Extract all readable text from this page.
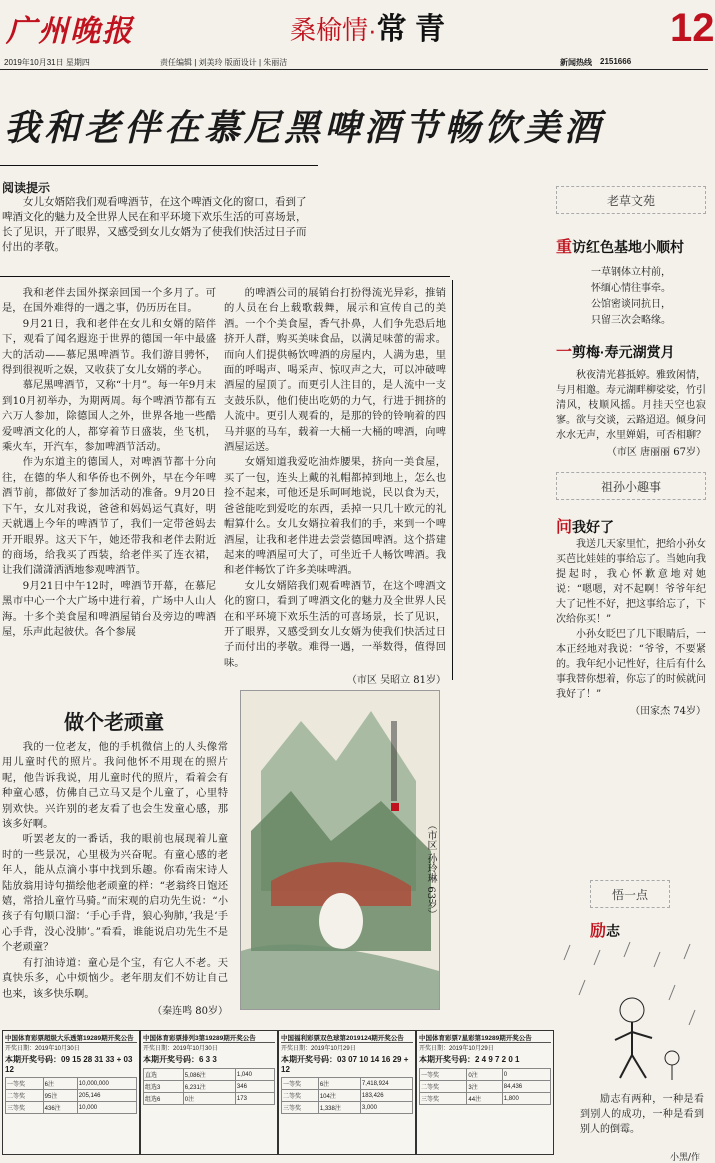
广州晚报	桑榆情·常 青	12
2019年10月31日 星期四	责任编辑 | 刘美玲 版面设计 | 朱丽洁	新闻热线 2151666
我和老伴在慕尼黑啤酒节畅饮美酒
阅读提示
女儿女婿陪我们观看啤酒节，在这个啤酒文化的窗口，看到了啤酒文化的魅力及全世界人民在和平环境下欢乐生活的可喜场景，长了见识，开了眼界，又感受到女儿女婿为了使我们快活过日子而付出的孝敬。

我和老伴去国外探亲回国一个多月了。可是，在国外难得的一遇之事，仍历历在目。

9月21日，我和老伴在女儿和女婿的陪伴下，观看了闻名遐迩于世界的德国一年中最盛大的活动——慕尼黑啤酒节。我们游目骋怀，得到很视听之娱，又收获了女儿女婿的孝心。

慕尼黑啤酒节，又称“十月”。每一年9月末到10月初举办，为期两周。每个啤酒节都有五六万人参加，除德国人之外，世界各地一些酷爱啤酒文化的人，都穿着节日盛装，坐飞机，乘火车，开汽车，参加啤酒节活动。

作为东道主的德国人，对啤酒节都十分向往，在德的华人和华侨也不例外，早在今年啤酒节前，都做好了参加活动的准备。9月20日下午，女儿对我说，爸爸和妈妈运气真好，明天就遇上今年的啤酒节了，我们一定带爸妈去开开眼界。这天下午，她还带我和老伴去附近的商场，给我买了西装，给老伴买了连衣裙，让我们潇潇洒洒地参观啤酒节。

9月21日中午12时，啤酒节开幕，在慕尼黑市中心一个大广场中进行着，广场中人山人海。十多个美食屋和啤酒屋销台及旁边的啤酒屋，乐声此起彼伏。各个参展

的啤酒公司的展销台打扮得流光异彩，推销的人员在台上载歌载舞，展示和宣传自己的美酒。一个个美食屋，香气扑鼻，人们争先恐后地挤开人群，购买美味食品，以满足味蕾的需求。而向人们提供畅饮啤酒的房屋内，人满为患，里面的呼喝声、喝采声、惊叹声之大，可以冲破啤酒屋的屋顶了。而更引人注目的，是人流中一支支鼓乐队，他们使出吃奶的力气，行进于拥挤的人流中。更引人观看的，是那的铃的铃响着的四马并驱的马车，载着一大桶一大桶的啤酒，向啤酒屋运送。

女婿知道我爱吃油炸腰果，挤向一美食屋，买了一包，连头上戴的礼帽都掉到地上，怎么也捡不起来，可他还是乐呵呵地说，民以食为天，爸爸能吃到爱吃的东西，丢掉一只几十欧元的礼帽算什么。女儿女婿拉着我们的手，来到一个啤酒屋，让我和老伴进去尝尝德国啤酒。这个搭建起来的啤酒屋可大了，可坐近千人畅饮啤酒。我和老伴畅饮了许多美味啤酒。

女儿女婿陪我们观看啤酒节，在这个啤酒文化的窗口，看到了啤酒文化的魅力及全世界人民在和平环境下欢乐生活的可喜场景，长了见识，开了眼界，又感受到女儿女婿为使我们快活过日子而付出的孝敬。难得一遇，一举数得，值得回味。

（市区 吴昭立 81岁）
做个老顽童

我的一位老友，他的手机微信上的人头像常用儿童时代的照片。我问他怀不用现在的照片呢，他告诉我说，用儿童时代的照片，看着会有种童心感，仿佛自己立马又是个儿童了，心里特别欢快。兴许别的老友看了也会生发童心感，那该多好啊。

听罢老友的一番话，我的眼前也展现着儿童时的一些景况，心里极为兴奋呢。有童心感的老年人，能从点滴小事中找到乐趣。你看南宋诗人陆放翁用诗句描绘他老顽童的样：“老翁终日饱还嬉，常拾儿童竹马骑。”而宋观的启功先生说：“小孩子有句顺口溜：‘手心手背，狼心狗肺，’我是‘手心手背，没心没肺’。”看看，谁能说启功先生不是个老顽童？

有打油诗道：童心是个宝，有它人不老。天真快乐多，心中烦恼少。老年朋友们不妨让自己也来，该多快乐啊。

（秦连鸣 80岁）
（市区 孙玲琳 63岁）
老草文苑
重访红色基地小顺村
一草钢体立村前，
怀缅心情往事牵。
公馆密谈同抗日，
只留三次会略缘。
一剪梅·寿元湖赏月
秋夜清光暮抵婷。雅致闲情，与月相邀。寿元湖畔柳娑娑，竹引清风，枝顺风摇。月挂天空也寂寥。欲与交谈，云路迢迢。倾身问水水无声，水里婵娟，可否相聊？
（市区 唐丽丽 67岁）
祖孙小趣事
问我好了
我送几天家里忙，把给小孙女买芭比娃娃的事给忘了。当她向我提起时，我心怀歉意地对她说：“嗯嗯，对不起啊！爷爷年纪大了记性不好，把这事给忘了，下次给你买！”
小孙女眨巴了几下眼睛后，一本正经地对我说：“爷爷，不要紧的。我年纪小记性好，往后有什么事我替你想着，你忘了的时候就问我好了！”
（田家杰 74岁）
悟一点
励志
励志有两种，一种是看到别人的成功，一种是看到别人的倒霉。
小黑/作
中国体育彩票超级大乐透第19289期开奖公告
开奖日期：2019年10月30日
本期开奖号码：09 15 28 31 33 + 03 12
一等奖	6注	10,000,000
二等奖	95注	205,146
三等奖	436注	10,000
中国体育彩票排列3第19289期开奖公告
开奖日期：2019年10月30日
本期开奖号码：6 3 3
直选	5,086注	1,040
组选3	6,231注	346
组选6	0注	173
中国福利彩票双色球第2019124期开奖公告
开奖日期：2019年10月29日
本期开奖号码：03 07 10 14 16 29 + 12
一等奖	6注	7,418,924
二等奖	104注	183,426
三等奖	1,338注	3,000
中国体育彩票7星彩第19289期开奖公告
开奖日期：2019年10月29日
本期开奖号码：2 4 9 7 2 0 1
一等奖	0注	0
二等奖	3注	84,436
三等奖	44注	1,800
